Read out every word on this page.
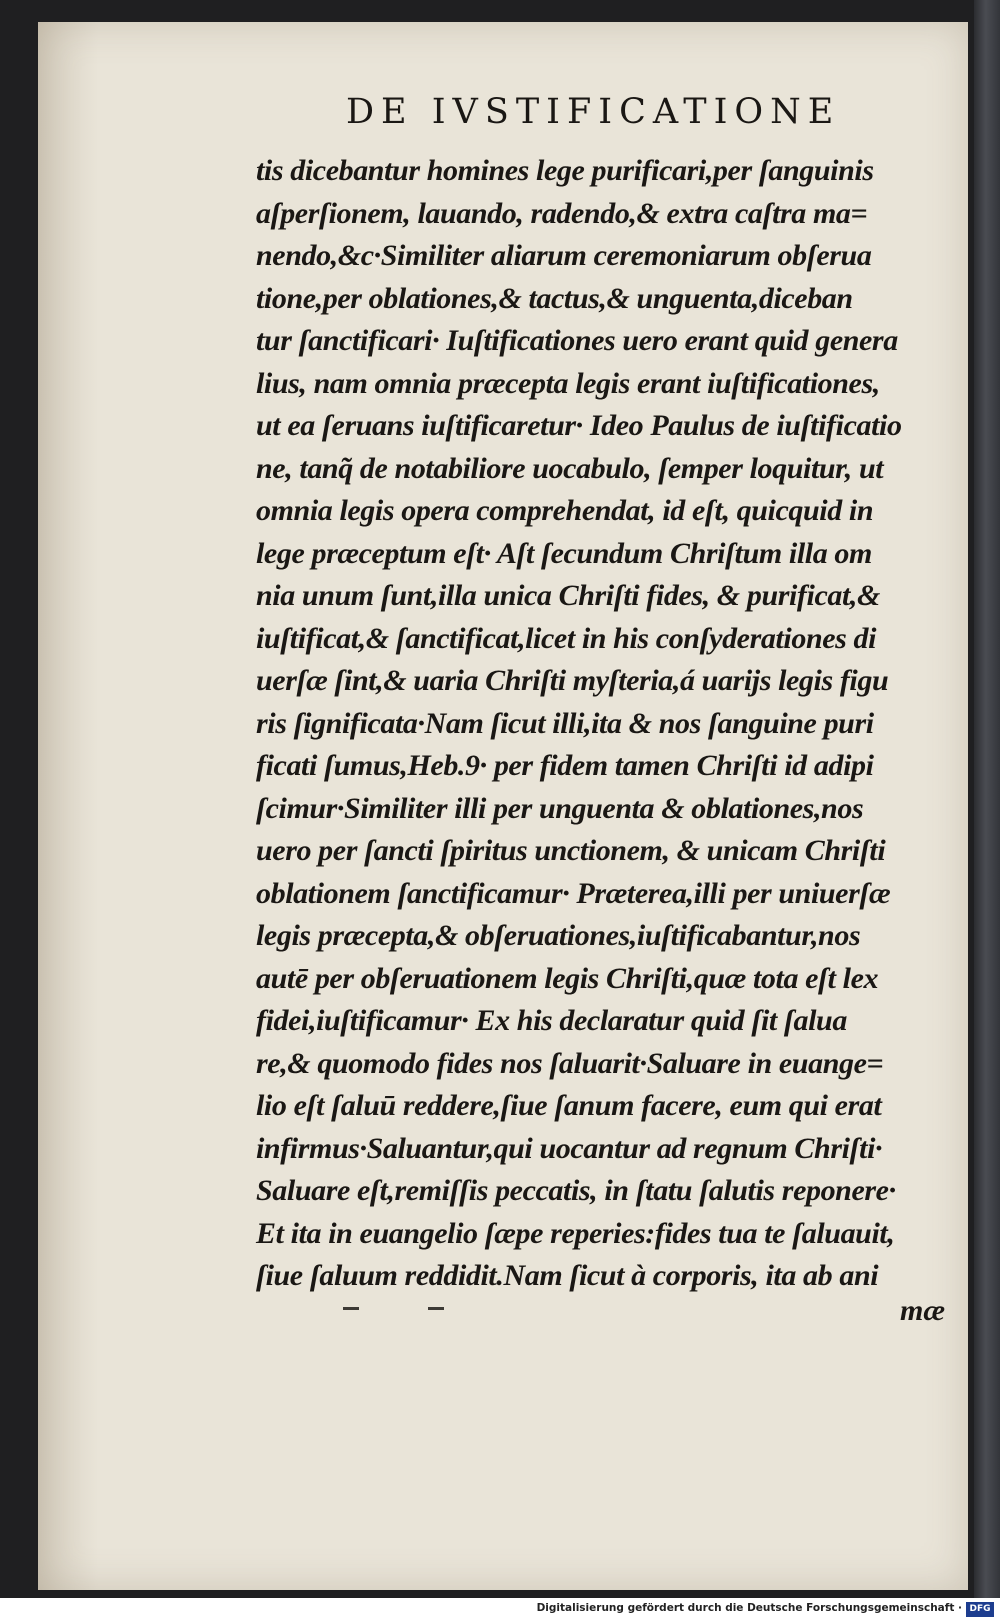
DE IVSTIFICATIONE
tis dicebantur homines lege purificari,per ſanguinis
aſperſionem, lauando, radendo,& extra caſtra ma=
nendo,&c·Similiter aliarum ceremoniarum obſerua
tione,per oblationes,& tactus,& unguenta,diceban
tur ſanctificari· Iuſtificationes uero erant quid genera
lius, nam omnia præcepta legis erant iuſtificationes,
ut ea ſeruans iuſtificaretur· Ideo Paulus de iuſtificatio
ne, tanq̃ de notabiliore uocabulo, ſemper loquitur, ut
omnia legis opera comprehendat, id eſt, quicquid in
lege præceptum eſt· Aſt ſecundum Chriſtum illa om
nia unum ſunt,illa unica Chriſti fides, & purificat,&
iuſtificat,& ſanctificat,licet in his conſyderationes di
uerſæ ſint,& uaria Chriſti myſteria,á uarijs legis figu
ris ſignificata·Nam ſicut illi,ita & nos ſanguine puri
ficati ſumus,Heb.9· per fidem tamen Chriſti id adipi
ſcimur·Similiter illi per unguenta & oblationes,nos
uero per ſancti ſpiritus unctionem, & unicam Chriſti
oblationem ſanctificamur· Præterea,illi per uniuerſæ
legis præcepta,& obſeruationes,iuſtificabantur,nos
autē per obſeruationem legis Chriſti,quæ tota eſt lex
fidei,iuſtificamur· Ex his declaratur quid ſit ſalua
re,& quomodo fides nos ſaluarit·Saluare in euange=
lio eſt ſaluū reddere,ſiue ſanum facere, eum qui erat
infirmus·Saluantur,qui uocantur ad regnum Chriſti·
Saluare eſt,remiſſis peccatis, in ſtatu ſalutis reponere·
Et ita in euangelio ſæpe reperies:fides tua te ſaluauit,
ſiue ſaluum reddidit.Nam ſicut à corporis, ita ab ani
mæ
Digitalisierung gefördert durch die Deutsche Forschungsgemeinschaft · DFG
